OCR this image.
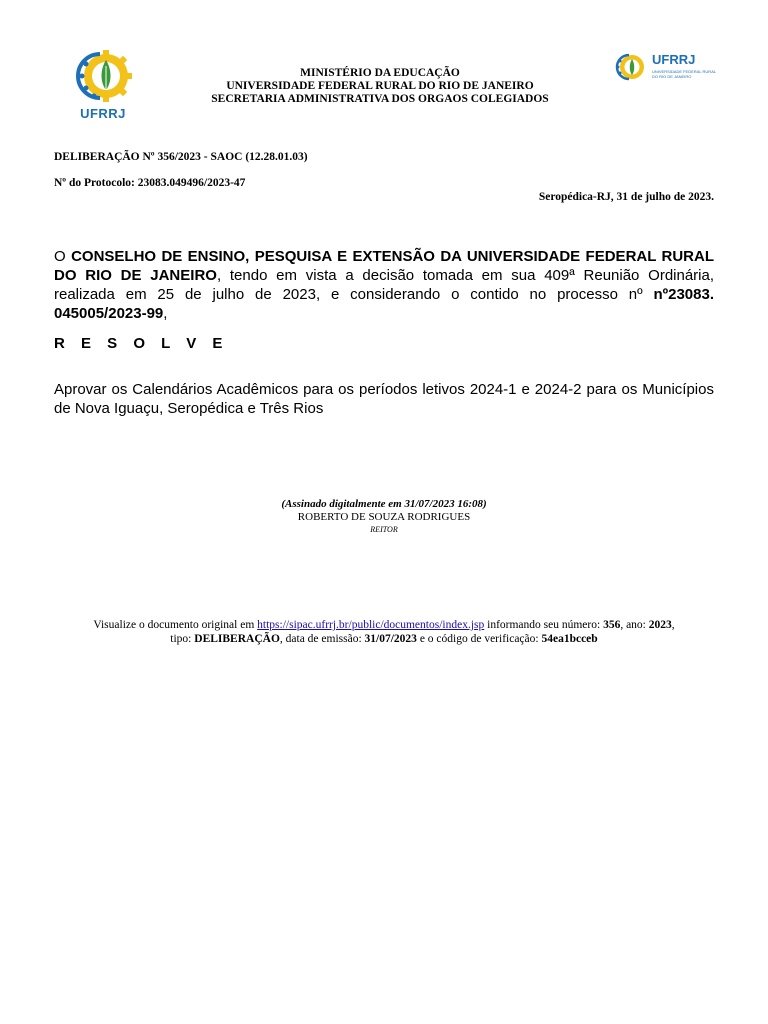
UFRRJ
MINISTÉRIO DA EDUCAÇÃO
UNIVERSIDADE FEDERAL RURAL DO RIO DE JANEIRO
SECRETARIA ADMINISTRATIVA DOS ORGAOS COLEGIADOS
UFRRJ
UNIVERSIDADE FEDERAL RURAL DO RIO DE JANEIRO
DELIBERAÇÃO Nº 356/2023 - SAOC (12.28.01.03)
Nº do Protocolo: 23083.049496/2023-47
Seropédica-RJ, 31 de julho de 2023.
O CONSELHO DE ENSINO, PESQUISA E EXTENSÃO DA UNIVERSIDADE FEDERAL RURAL DO RIO DE JANEIRO, tendo em vista a decisão tomada em sua 409ª Reunião Ordinária, realizada em 25 de julho de 2023, e considerando o contido no processo nº nº23083. 045005/2023-99,
R E S O L V E
Aprovar os Calendários Acadêmicos para os períodos letivos 2024-1 e 2024-2 para os Municípios de Nova Iguaçu, Seropédica e Três Rios
(Assinado digitalmente em 31/07/2023 16:08)
ROBERTO DE SOUZA RODRIGUES
REITOR
Visualize o documento original em https://sipac.ufrrj.br/public/documentos/index.jsp informando seu número: 356, ano: 2023,
tipo: DELIBERAÇÃO, data de emissão: 31/07/2023 e o código de verificação: 54ea1bcceb
